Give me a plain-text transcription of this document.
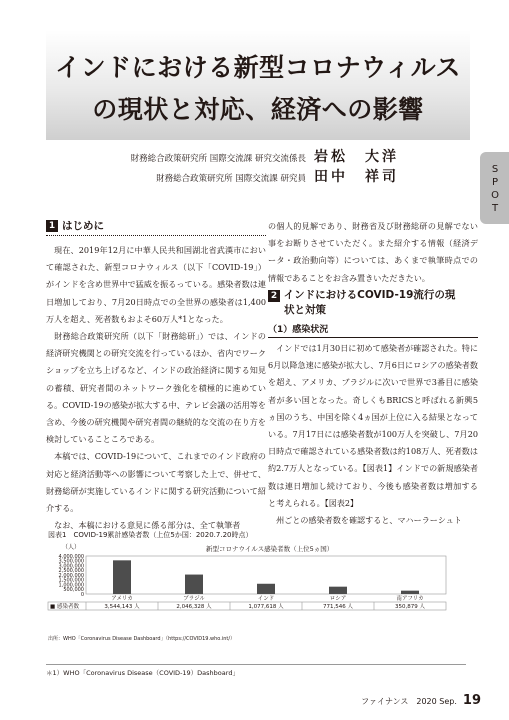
インドにおける新型コロナウィルス
の現状と対応、経済への影響
財務総合政策研究所 国際交流課 研究交流係長 岩松　大洋
財務総合政策研究所 国際交流課 研究員 田中　祥司	S
P
O
T
1 はじめに
現在、2019年12月に中華人民共和国湖北省武漢市において確認された、新型コロナウィルス（以下「COVID-19」）がインドを含め世界中で猛威を振るっている。感染者数は連日増加しており、7月20日時点での全世界の感染者は1,400万人を超え、死者数もおよそ60万人*1となった。
財務総合政策研究所（以下「財務総研」）では、インドの経済研究機関との研究交流を行っているほか、省内でワークショップを立ち上げるなど、インドの政治経済に関する知見の蓄積、研究者間のネットワーク強化を積極的に進めている。COVID-19の感染が拡大する中、テレビ会議の活用等を含め、今後の研究機関や研究者間の継続的な交流の在り方を検討していることころである。
本稿では、COVID-19について、これまでのインド政府の対応と経済活動等への影響について考察した上で、併せて、財務総研が実施しているインドに関する研究活動について紹介する。
なお、本稿における意見に係る部分は、全て執筆者
の個人的見解であり、財務省及び財務総研の見解でない事をお断りさせていただく。また紹介する情報（経済データ・政治動向等）については、あくまで執筆時点での情報であることをお含み置きいただきたい。
2 インドにおけるCOVID-19流行の現
状と対策
（1）感染状況
インドでは1月30日に初めて感染者が確認された。特に6月以降急速に感染が拡大し、7月6日にロシアの感染者数を超え、アメリカ、ブラジルに次いで世界で3番目に感染者が多い国となった。奇しくもBRICSと呼ばれる新興5ヵ国のうち、中国を除く4ヵ国が上位に入る結果となっている。7月17日には感染者数が100万人を突破し、7月20日時点で確認されている感染者数は約108万人、死者数は約2.7万人となっている。【図表1】インドでの新規感染者数は連日増加し続けており、今後も感染者数は増加すると考えられる。【図表2】
州ごとの感染者数を確認すると、マハーラーシュト
図表1　COVID-19累計感染者数（上位5か国：2020.7.20時点）
（人）	新型コロナウイルス感染者数（上位5ヵ国）
4,000,000
3,500,000
3,000,000
2,500,000
2,000,000
1,500,000
1,000,000
500,000
0
アメリカ	ブラジル	インド	ロシア	南アフリカ
■ 感染者数	3,544,143 人	2,046,328 人	1,077,618 人	771,546 人	350,879 人
出所：WHO「Coronavirus Disease Dashboard」（https://COVID19.who.int/）
＊1）WHO「Coronavirus Disease（COVID-19）Dashboard」
ファイナンス　2020 Sep. 19
